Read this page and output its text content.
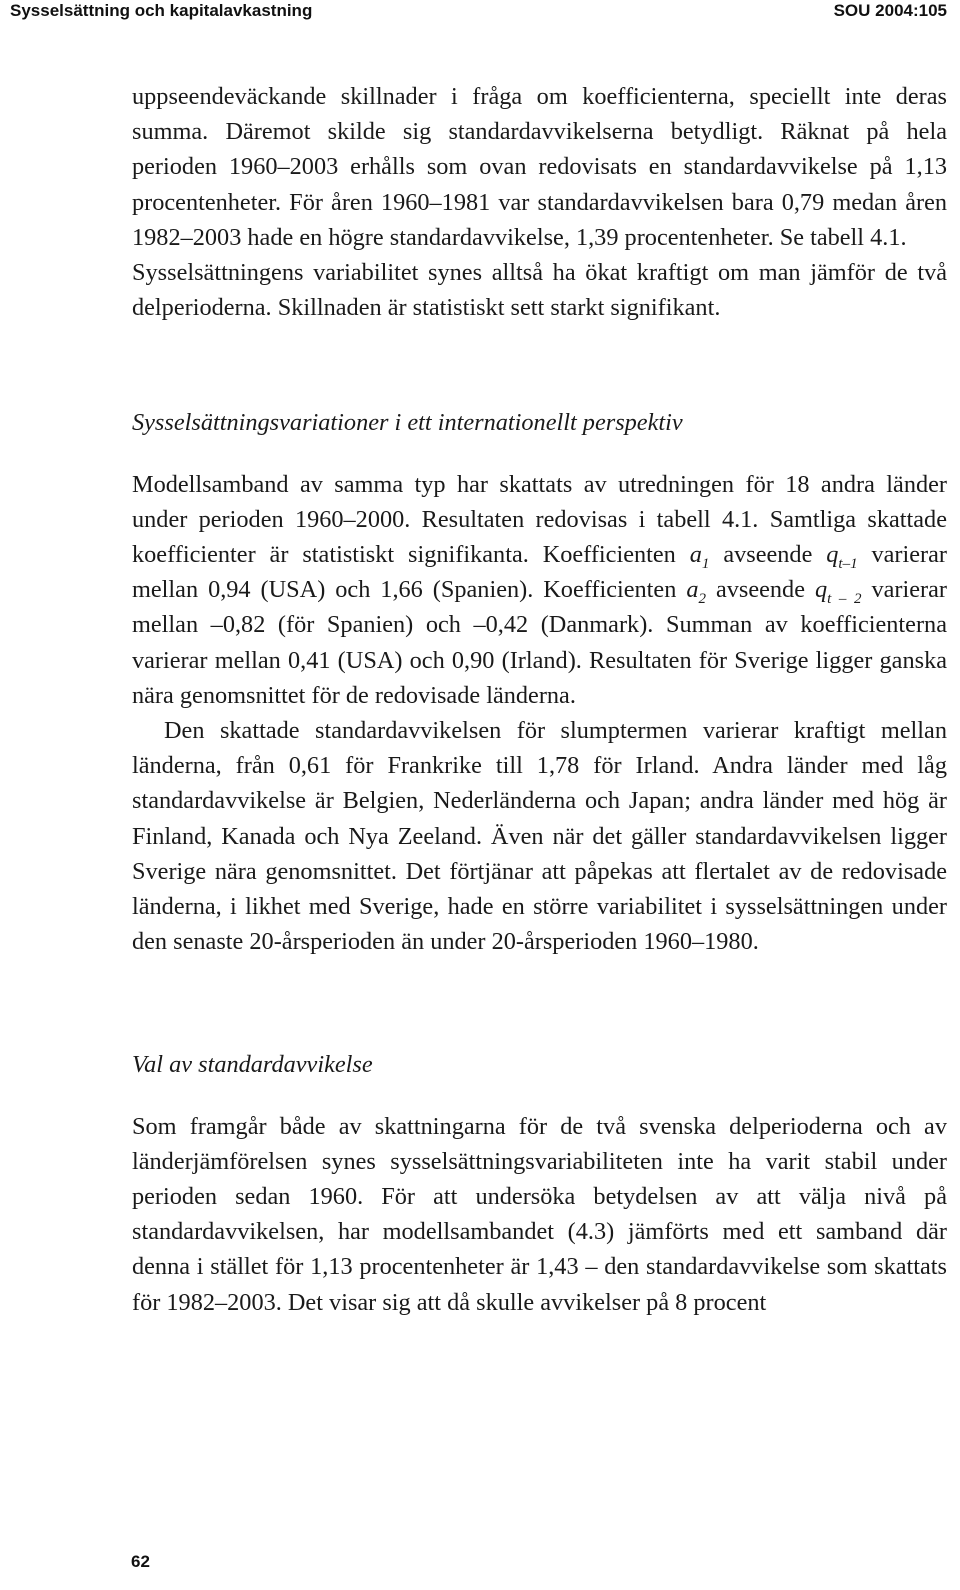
Sysselsättning och kapitalavkastning	SOU 2004:105

uppseendeväckande skillnader i fråga om koefficienterna, speciellt inte deras summa. Däremot skilde sig standardavvikelserna betydligt. Räknat på hela perioden 1960–2003 erhålls som ovan redovisats en standardavvikelse på 1,13 procentenheter. För åren 1960–1981 var standardavvikelsen bara 0,79 medan åren 1982–2003 hade en högre standardavvikelse, 1,39 procentenheter. Se tabell 4.1.

Sysselsättningens variabilitet synes alltså ha ökat kraftigt om man jämför de två delperioderna. Skillnaden är statistiskt sett starkt signifikant.

Sysselsättningsvariationer i ett internationellt perspektiv

Modellsamband av samma typ har skattats av utredningen för 18 andra länder under perioden 1960–2000. Resultaten redovisas i tabell 4.1. Samtliga skattade koefficienter är statistiskt signifikanta. Koefficienten $a_1$ avseende $q_{t-1}$ varierar mellan 0,94 (USA) och 1,66 (Spanien). Koefficienten $a_2$ avseende $q_{t - 2}$ varierar mellan –0,82 (för Spanien) och –0,42 (Danmark). Summan av koefficienterna varierar mellan 0,41 (USA) och 0,90 (Irland). Resultaten för Sverige ligger ganska nära genomsnittet för de redovisade länderna.

Den skattade standardavvikelsen för slumptermen varierar kraftigt mellan länderna, från 0,61 för Frankrike till 1,78 för Irland. Andra länder med låg standardavvikelse är Belgien, Nederländerna och Japan; andra länder med hög är Finland, Kanada och Nya Zeeland. Även när det gäller standardavvikelsen ligger Sverige nära genomsnittet. Det förtjänar att påpekas att flertalet av de redovisade länderna, i likhet med Sverige, hade en större variabilitet i sysselsättningen under den senaste 20-årsperioden än under 20-årsperioden 1960–1980.

Val av standardavvikelse

Som framgår både av skattningarna för de två svenska delperioderna och av länderjämförelsen synes sysselsättningsvariabiliteten inte ha varit stabil under perioden sedan 1960. För att undersöka betydelsen av att välja nivå på standardavvikelsen, har modellsambandet (4.3) jämförts med ett samband där denna i stället för 1,13 procentenheter är 1,43 – den standardavvikelse som skattats för 1982–2003. Det visar sig att då skulle avvikelser på 8 procent

62
